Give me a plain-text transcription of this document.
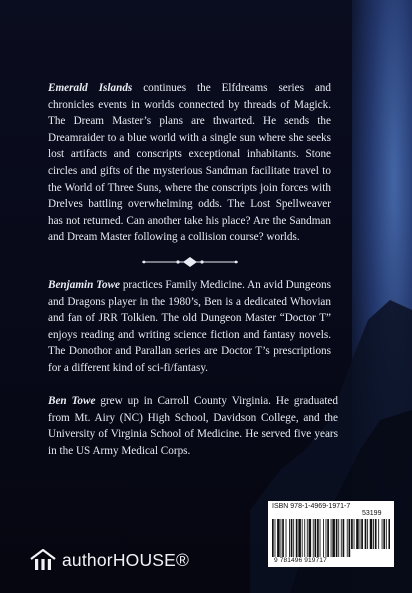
Emerald Islands continues the Elfdreams series and chronicles events in worlds connected by threads of Magick. The Dream Master’s plans are thwarted. He sends the Dreamraider to a blue world with a single sun where she seeks lost artifacts and conscripts exceptional inhabitants. Stone circles and gifts of the mysterious Sandman facilitate travel to the World of Three Suns, where the conscripts join forces with Drelves battling overwhelming odds. The Lost Spellweaver has not returned. Can another take his place? Are the Sandman and Dream Master following a collision course? worlds.

Benjamin Towe practices Family Medicine. An avid Dungeons and Dragons player in the 1980’s, Ben is a dedicated Whovian and fan of JRR Tolkien. The old Dungeon Master “Doctor T” enjoys reading and writing science fiction and fantasy novels. The Donothor and Parallan series are Doctor T’s prescriptions for a different kind of sci-fi/fantasy.

Ben Towe grew up in Carroll County Virginia. He graduated from Mt. Airy (NC) High School, Davidson College, and the University of Virginia School of Medicine. He served five years in the US Army Medical Corps.

authorHOUSE®
ISBN 978-1-4969-1971-7
53199
9 781496 919717
